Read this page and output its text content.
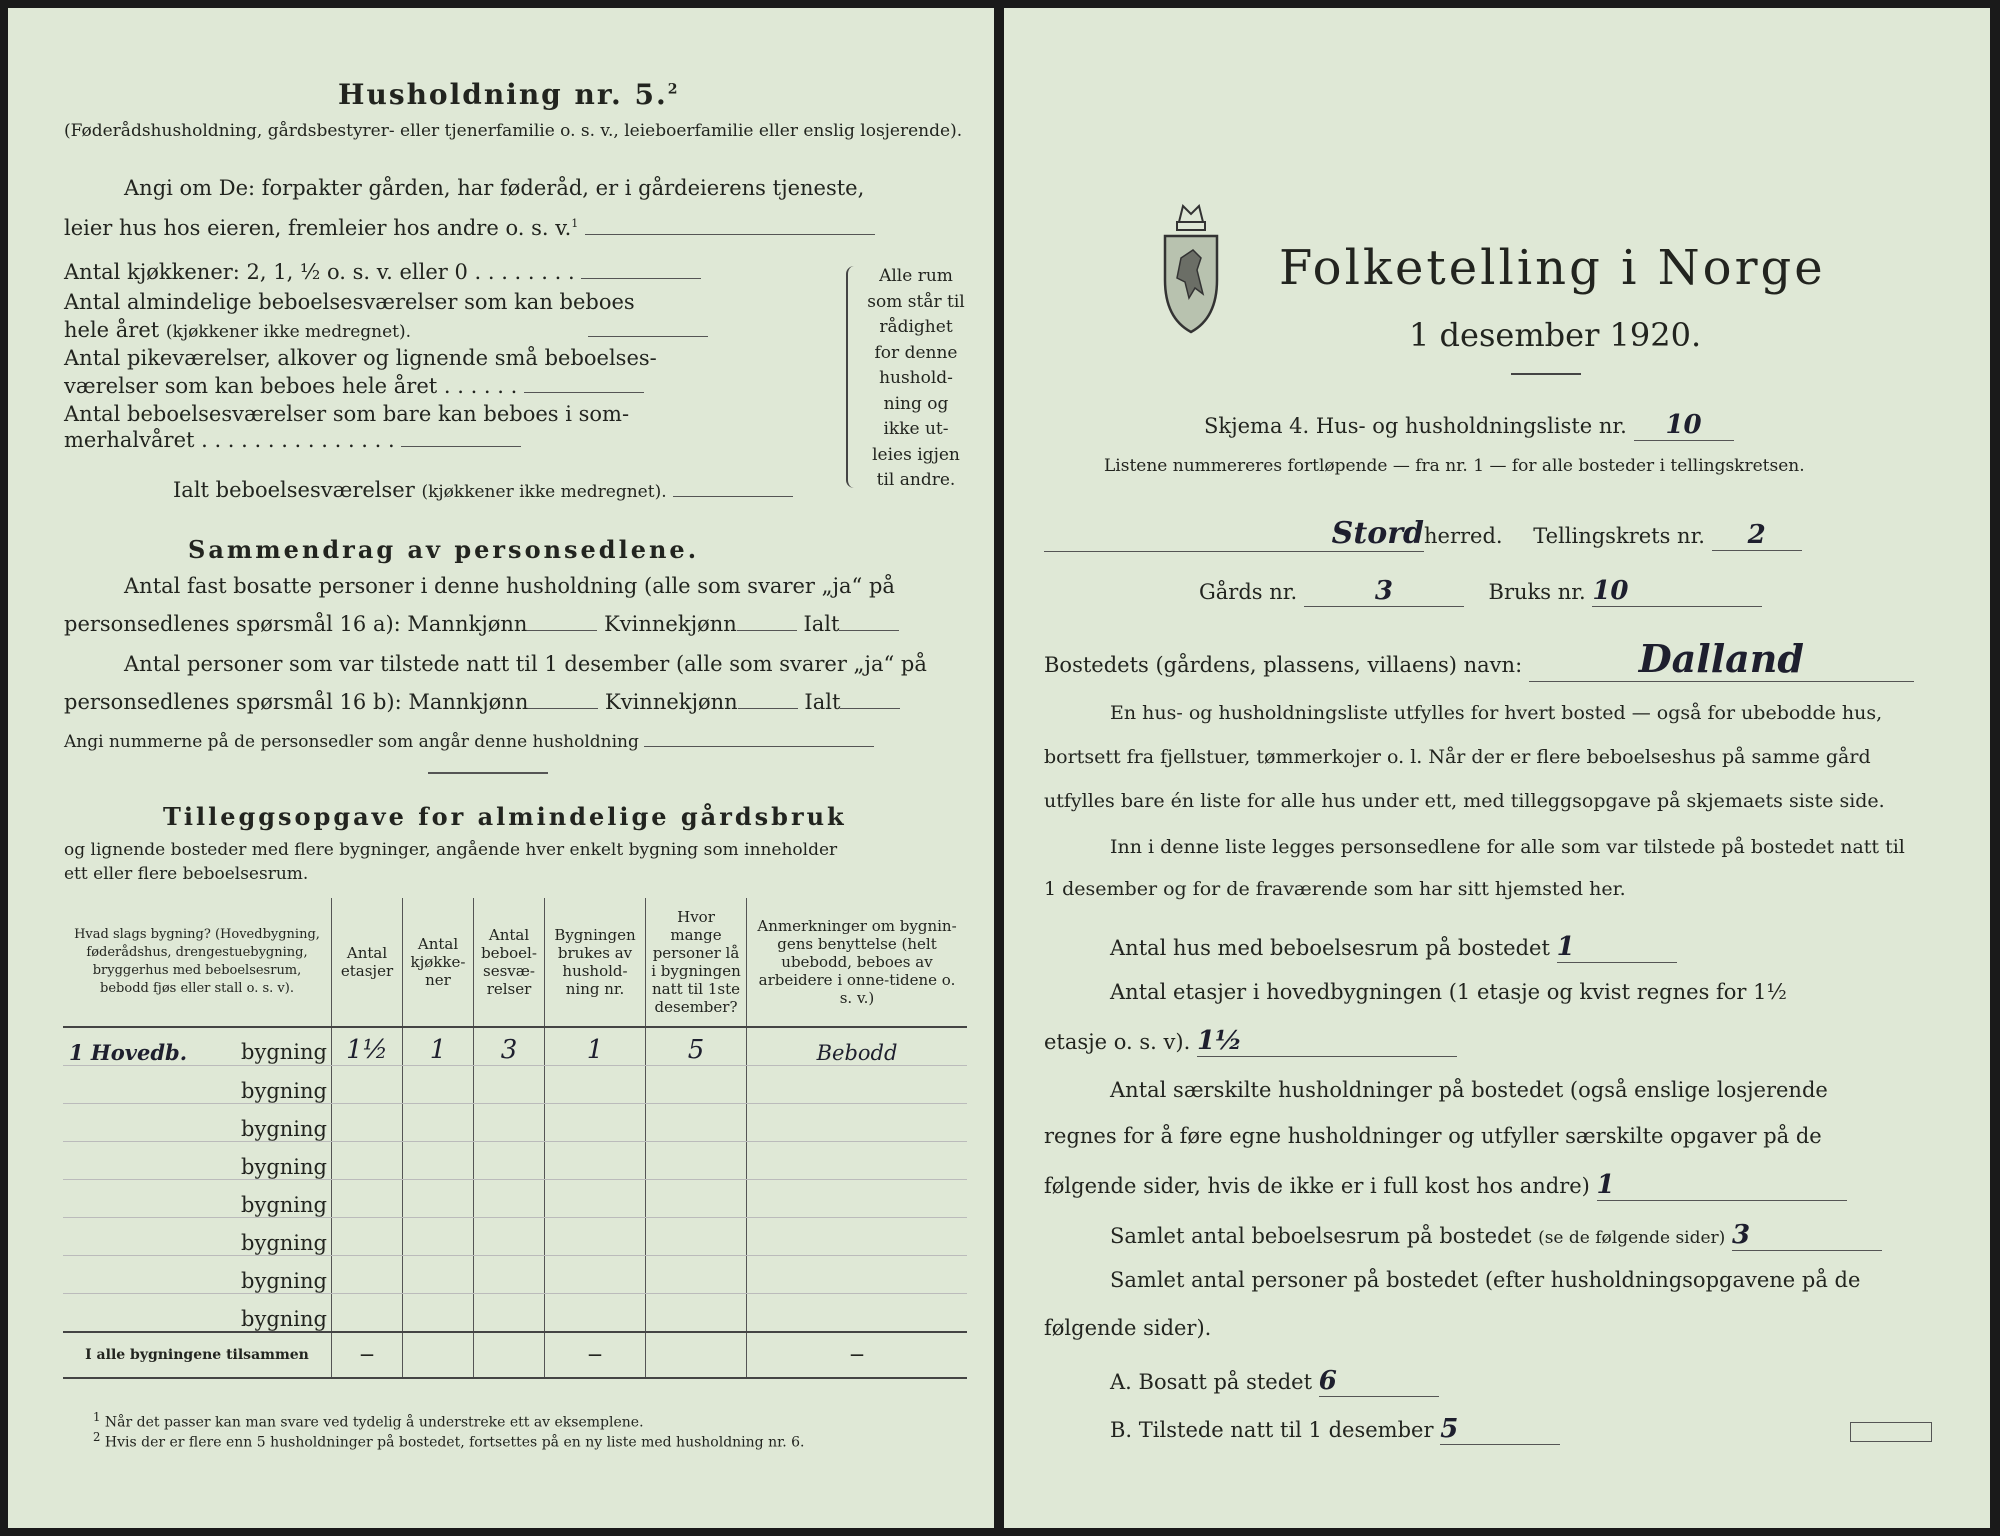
Husholdning nr. 5.$^2$
(Føderådshusholdning, gårdsbestyrer- eller tjenerfamilie o. s. v., leieboerfamilie eller enslig losjerende).
Angi om De: forpakter gården, har føderåd, er i gårdeierens tjeneste,
leier hus hos eieren, fremleier hos andre o. s. v.$^1$
Antal kjøkkener: 2, 1, ½ o. s. v. eller 0 . . . . . . . .
Antal almindelige beboelsesværelser som kan beboes
hele året (kjøkkener ikke medregnet).
Antal pikeværelser, alkover og lignende små beboelses-
værelser som kan beboes hele året . . . . . .
Antal beboelsesværelser som bare kan beboes i som-
merhalvåret . . . . . . . . . . . . . . .
Ialt beboelsesværelser (kjøkkener ikke medregnet).
Alle rum
som står til
rådighet
for denne
hushold-
ning og
ikke ut-
leies igjen
til andre.
Sammendrag av personsedlene.
Antal fast bosatte personer i denne husholdning (alle som svarer „ja“ på
personsedlenes spørsmål 16 a): Mannkjønn	Kvinnekjønn	Ialt
Antal personer som var tilstede natt til 1 desember (alle som svarer „ja“ på
personsedlenes spørsmål 16 b): Mannkjønn	Kvinnekjønn	Ialt
Angi nummerne på de personsedler som angår denne husholdning
Tilleggsopgave for almindelige gårdsbruk
og lignende bosteder med flere bygninger, angående hver enkelt bygning som inneholder
ett eller flere beboelsesrum.
Hvad slags bygning? (Hovedbygning, føderådshus, drengestuebygning, bryggerhus med beboelsesrum, bebodd fjøs eller stall o. s. v).	Antal etasjer	Antal kjøkke-ner	Antal beboel-sesvæ-relser	Bygningen brukes av hushold-ning nr.	Hvor mange personer lå i bygningen natt til 1ste desember?	Anmerkninger om bygnin-gens benyttelse (helt ubebodd, beboes av arbeidere i onne-tidene o. s. v.)

1 Hovedb. bygning	1½	1	3	1	5	Bebodd
bygning						
bygning						
bygning						
bygning						
bygning						
bygning						
bygning						
I alle bygningene tilsammen	—			—		—
$^1$ Når det passer kan man svare ved tydelig å understreke ett av eksemplene.
$^2$ Hvis der er flere enn 5 husholdninger på bostedet, fortsettes på en ny liste med husholdning nr. 6.
Folketelling i Norge
1 desember 1920.
Skjema 4. Hus- og husholdningsliste nr. 10
Listene nummereres fortløpende — fra nr. 1 — for alle bosteder i tellingskretsen.
Stordherred. Tellingskrets nr. 2
Gårds nr.	3	Bruks nr. 10
Bostedets (gårdens, plassens, villaens) navn:	Dalland
En hus- og husholdningsliste utfylles for hvert bosted — også for ubebodde hus,
bortsett fra fjellstuer, tømmerkojer o. l. Når der er flere beboelseshus på samme gård
utfylles bare én liste for alle hus under ett, med tilleggsopgave på skjemaets siste side.
Inn i denne liste legges personsedlene for alle som var tilstede på bostedet natt til
1 desember og for de fraværende som har sitt hjemsted her.
Antal hus med beboelsesrum på bostedet 1
Antal etasjer i hovedbygningen (1 etasje og kvist regnes for 1½
etasje o. s. v). 1½
Antal særskilte husholdninger på bostedet (også enslige losjerende
regnes for å føre egne husholdninger og utfyller særskilte opgaver på de
følgende sider, hvis de ikke er i full kost hos andre) 1
Samlet antal beboelsesrum på bostedet (se de følgende sider) 3
Samlet antal personer på bostedet (efter husholdningsopgavene på de
følgende sider).
A. Bosatt på stedet 6
B. Tilstede natt til 1 desember 5
